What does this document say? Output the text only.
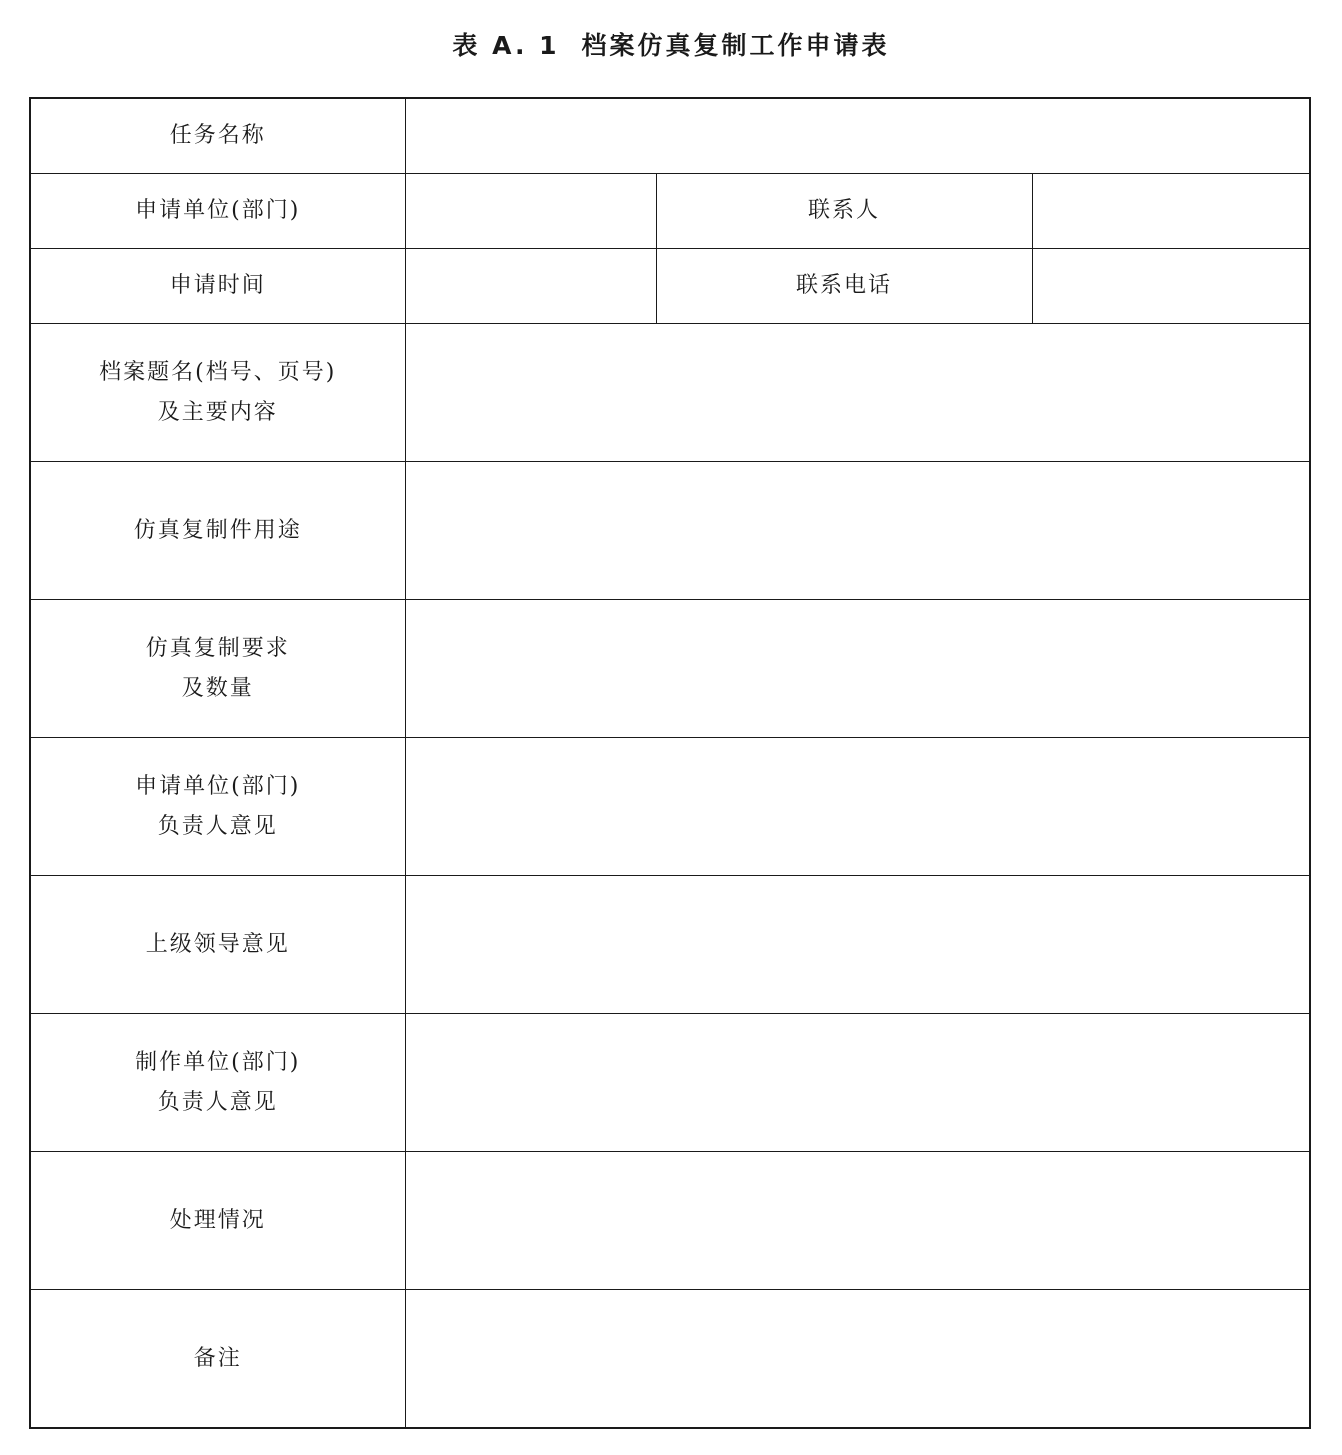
表 A. 1 档案仿真复制工作申请表
任务名称			
申请单位(部门)		联系人	
申请时间		联系电话	
档案题名(档号、页号)
及主要内容			
仿真复制件用途			
仿真复制要求
及数量			
申请单位(部门)
负责人意见			
上级领导意见			
制作单位(部门)
负责人意见			
处理情况			
备注			
